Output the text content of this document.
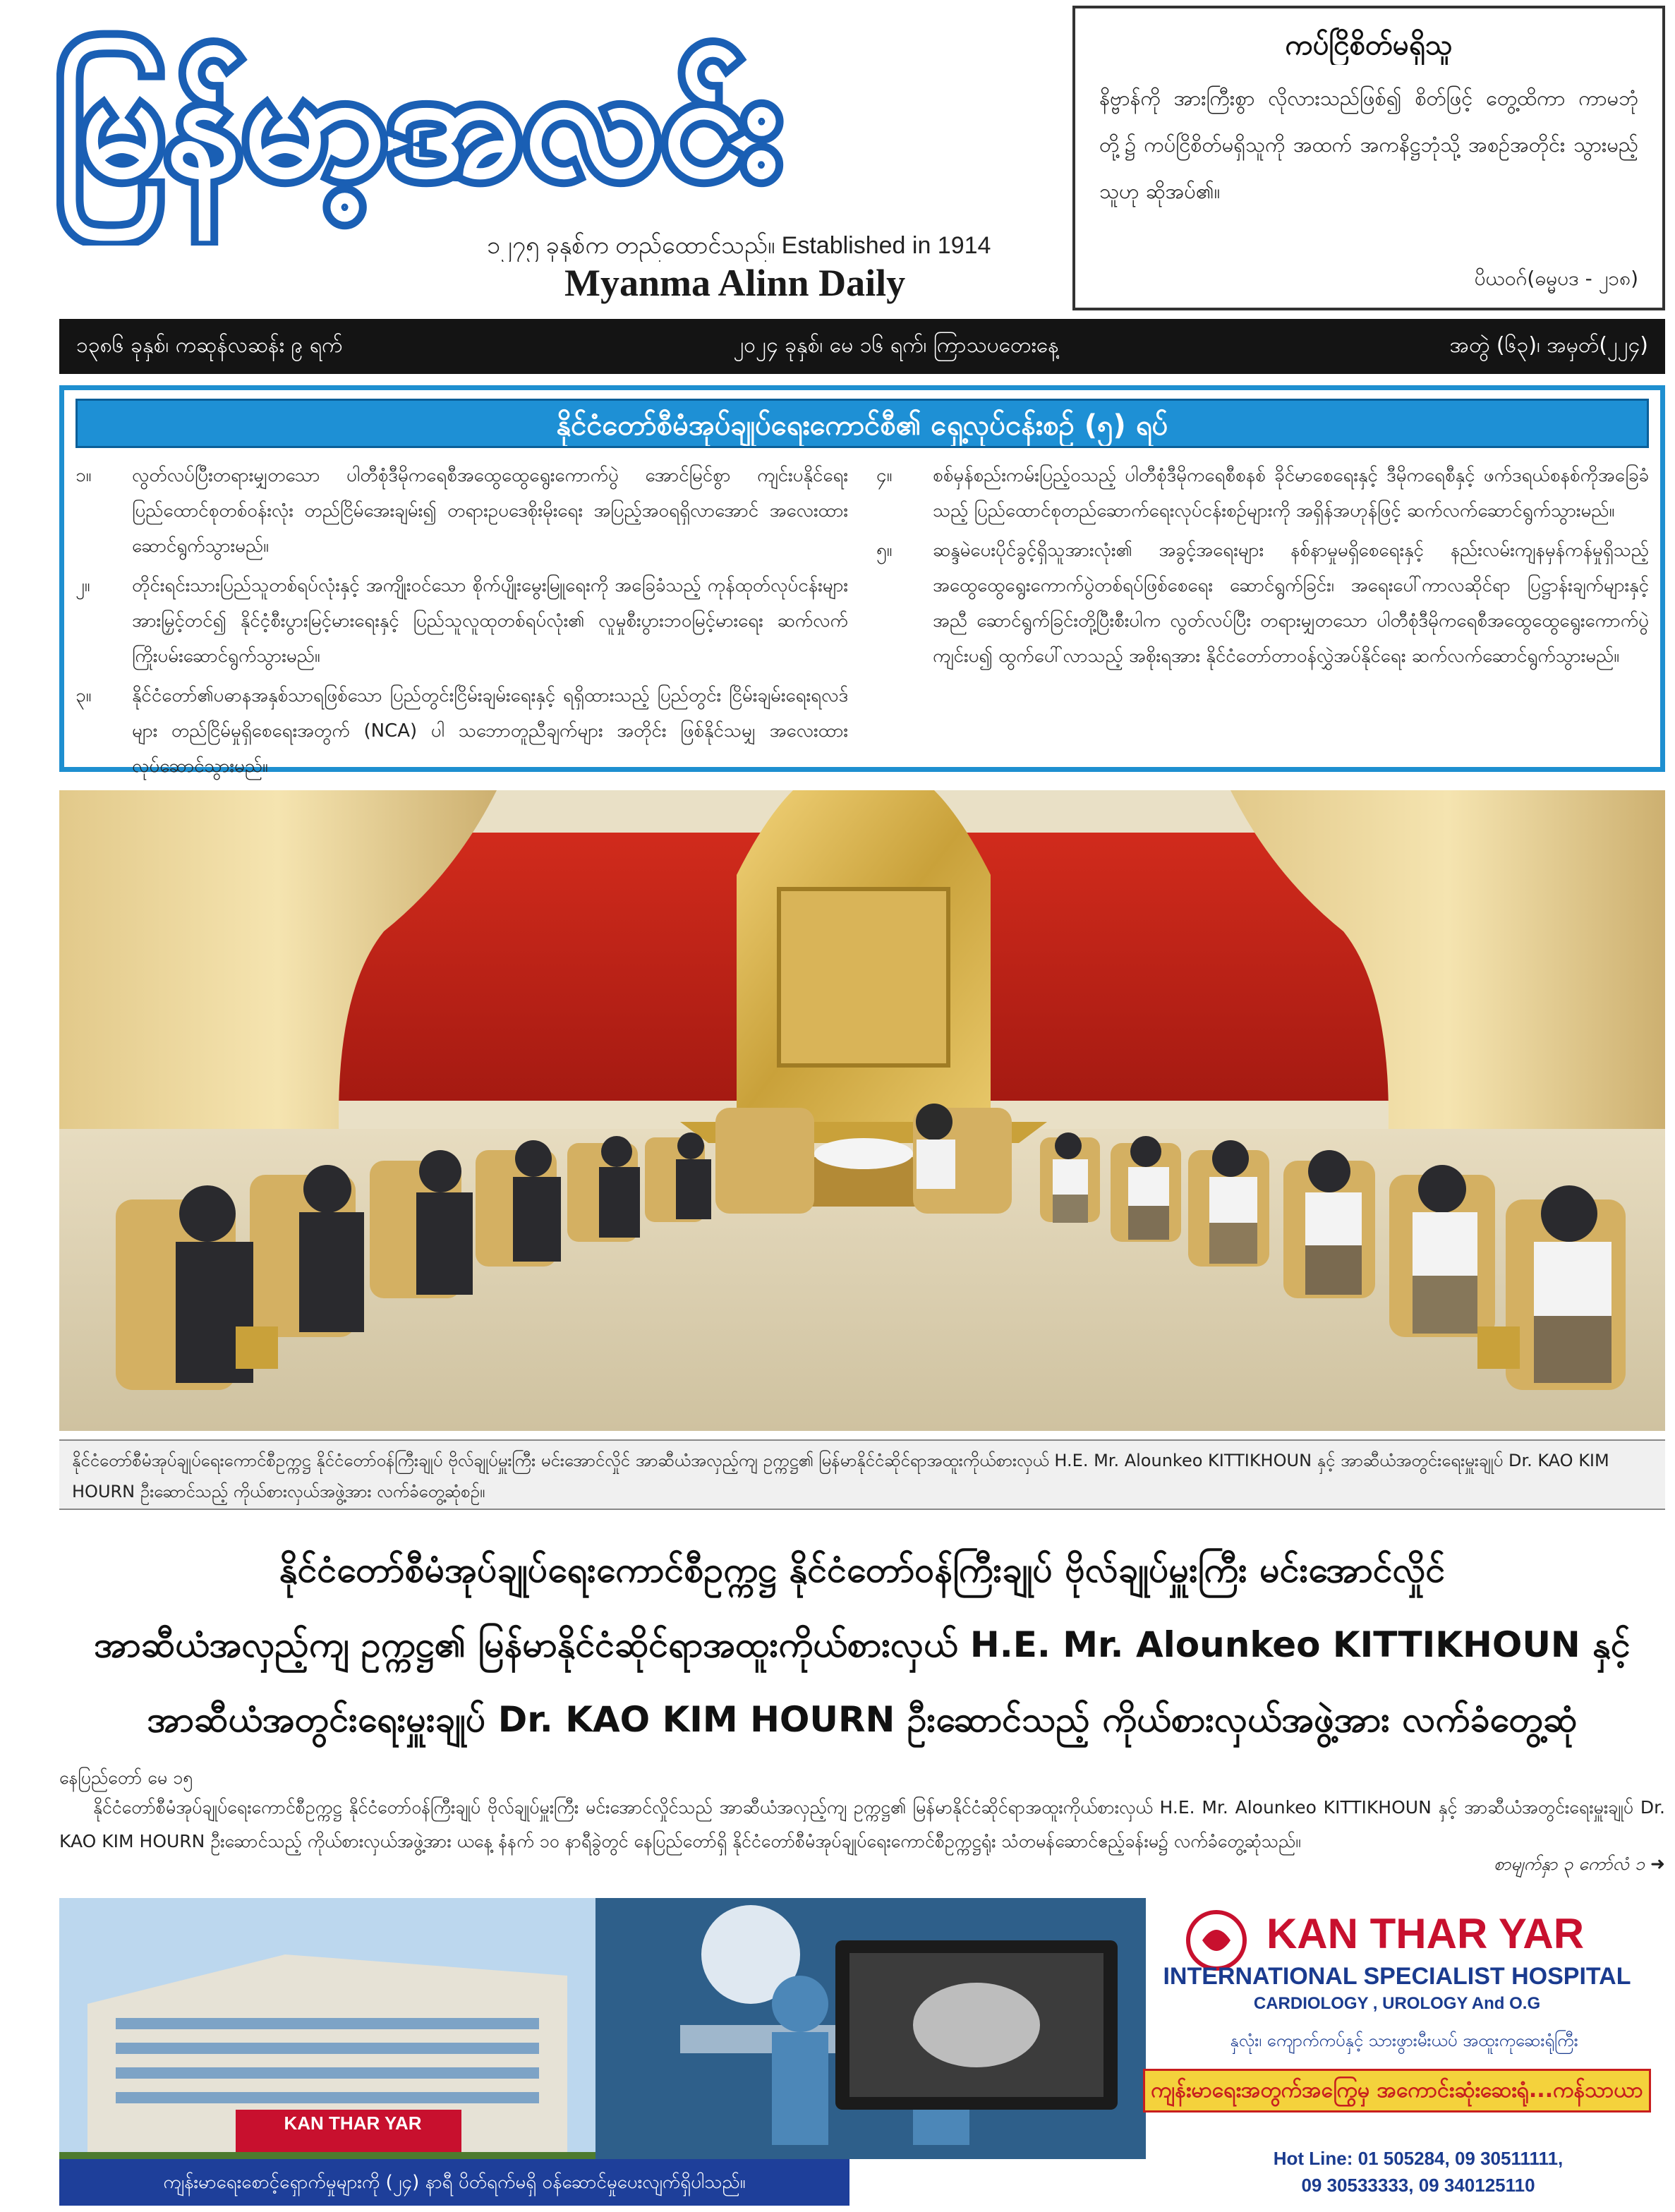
မြန်မာ့အလင်း
၁၂၇၅ ခုနှစ်က တည်ထောင်သည်။ Established in 1914
Myanma Alinn Daily
ကပ်ငြိစိတ်မရှိသူ
နိဗ္ဗာန်ကို အားကြီးစွာ လိုလားသည်ဖြစ်၍ စိတ်ဖြင့် တွေ့ထိကာ ကာမဘုံတို့၌ ကပ်ငြိစိတ်မရှိသူကို အထက် အကနိဋ္ဌဘုံသို့ အစဉ်အတိုင်း သွားမည့်သူဟု ဆိုအပ်၏။
ပိယဝဂ်(ဓမ္မပဒ - ၂၁၈)
၁၃၈၆ ခုနှစ်၊ ကဆုန်လဆန်း ၉ ရက်	၂၀၂၄ ခုနှစ်၊ မေ ၁၆ ရက်၊ ကြာသပတေးနေ့	အတွဲ (၆၃)၊ အမှတ်(၂၂၄)
နိုင်ငံတော်စီမံအုပ်ချုပ်ရေးကောင်စီ၏ ရှေ့လုပ်ငန်းစဉ် (၅) ရပ်
၁။	လွတ်လပ်ပြီးတရားမျှတသော ပါတီစုံဒီမိုကရေစီအထွေထွေရွေးကောက်ပွဲ အောင်မြင်စွာ ကျင်းပနိုင်ရေး ပြည်ထောင်စုတစ်ဝန်းလုံး တည်ငြိမ်အေးချမ်း၍ တရားဥပဒေစိုးမိုးရေး အပြည့်အဝရရှိလာအောင် အလေးထားဆောင်ရွက်သွားမည်။
၂။	တိုင်းရင်းသားပြည်သူတစ်ရပ်လုံးနှင့် အကျိုးဝင်သော စိုက်ပျိုးမွေးမြူရေးကို အခြေခံသည့် ကုန်ထုတ်လုပ်ငန်းများအားမြှင့်တင်၍ နိုင်ငံ့စီးပွားမြင့်မားရေးနှင့် ပြည်သူလူထုတစ်ရပ်လုံး၏ လူမှုစီးပွားဘဝမြင့်မားရေး ဆက်လက်ကြိုးပမ်းဆောင်ရွက်သွားမည်။
၃။	နိုင်ငံတော်၏ပဓာနအနှစ်သာရဖြစ်သော ပြည်တွင်းငြိမ်းချမ်းရေးနှင့် ရရှိထားသည့် ပြည်တွင်း ငြိမ်းချမ်းရေးရလဒ်များ တည်ငြိမ်မှုရှိစေရေးအတွက် (NCA) ပါ သဘောတူညီချက်များ အတိုင်း ဖြစ်နိုင်သမျှ အလေးထားလုပ်ဆောင်သွားမည်။
၄။	စစ်မှန်စည်းကမ်းပြည့်ဝသည့် ပါတီစုံဒီမိုကရေစီစနစ် ခိုင်မာစေရေးနှင့် ဒီမိုကရေစီနှင့် ဖက်ဒရယ်စနစ်ကိုအခြေခံသည့် ပြည်ထောင်စုတည်ဆောက်ရေးလုပ်ငန်းစဉ်များကို အရှိန်အဟုန်ဖြင့် ဆက်လက်ဆောင်ရွက်သွားမည်။
၅။	ဆန္ဒမဲပေးပိုင်ခွင့်ရှိသူအားလုံး၏ အခွင့်အရေးများ နစ်နာမှုမရှိစေရေးနှင့် နည်းလမ်းကျနမှန်ကန်မှုရှိသည့် အထွေထွေရွေးကောက်ပွဲတစ်ရပ်ဖြစ်စေရေး ဆောင်ရွက်ခြင်း၊ အရေးပေါ်ကာလဆိုင်ရာ ပြဋ္ဌာန်းချက်များနှင့်အညီ ဆောင်ရွက်ခြင်းတို့ပြီးစီးပါက လွတ်လပ်ပြီး တရားမျှတသော ပါတီစုံဒီမိုကရေစီအထွေထွေရွေးကောက်ပွဲ ကျင်းပ၍ ထွက်ပေါ်လာသည့် အစိုးရအား နိုင်ငံတော်တာဝန်လွှဲအပ်နိုင်ရေး ဆက်လက်ဆောင်ရွက်သွားမည်။
နိုင်ငံတော်စီမံအုပ်ချုပ်ရေးကောင်စီဥက္ကဋ္ဌ နိုင်ငံတော်ဝန်ကြီးချုပ် ဗိုလ်ချုပ်မှူးကြီး မင်းအောင်လှိုင် အာဆီယံအလှည့်ကျ ဥက္ကဋ္ဌ၏ မြန်မာနိုင်ငံဆိုင်ရာအထူးကိုယ်စားလှယ် H.E. Mr. Alounkeo KITTIKHOUN နှင့် အာဆီယံအတွင်းရေးမှူးချုပ် Dr. KAO KIM HOURN ဦးဆောင်သည့် ကိုယ်စားလှယ်အဖွဲ့အား လက်ခံတွေ့ဆုံစဉ်။
နိုင်ငံတော်စီမံအုပ်ချုပ်ရေးကောင်စီဥက္ကဋ္ဌ နိုင်ငံတော်ဝန်ကြီးချုပ် ဗိုလ်ချုပ်မှူးကြီး မင်းအောင်လှိုင်
အာဆီယံအလှည့်ကျ ဥက္ကဋ္ဌ၏ မြန်မာနိုင်ငံဆိုင်ရာအထူးကိုယ်စားလှယ် H.E. Mr. Alounkeo KITTIKHOUN နှင့်
အာဆီယံအတွင်းရေးမှူးချုပ် Dr. KAO KIM HOURN ဦးဆောင်သည့် ကိုယ်စားလှယ်အဖွဲ့အား လက်ခံတွေ့ဆုံ
နေပြည်တော် မေ ၁၅
နိုင်ငံတော်စီမံအုပ်ချုပ်ရေးကောင်စီဥက္ကဋ္ဌ နိုင်ငံတော်ဝန်ကြီးချုပ် ဗိုလ်ချုပ်မှူးကြီး မင်းအောင်လှိုင်သည် အာဆီယံအလှည့်ကျ ဥက္ကဋ္ဌ၏ မြန်မာနိုင်ငံဆိုင်ရာအထူးကိုယ်စားလှယ် H.E. Mr. Alounkeo KITTIKHOUN နှင့် အာဆီယံအတွင်းရေးမှူးချုပ် Dr. KAO KIM HOURN ဦးဆောင်သည့် ကိုယ်စားလှယ်အဖွဲ့အား ယနေ့ နံနက် ၁၀ နာရီခွဲတွင် နေပြည်တော်ရှိ နိုင်ငံတော်စီမံအုပ်ချုပ်ရေးကောင်စီဥက္ကဋ္ဌရုံး သံတမန်ဆောင်ဧည့်ခန်းမ၌ လက်ခံတွေ့ဆုံသည်။
စာမျက်နှာ ၃ ကော်လံ ၁ ➜
KAN THAR YAR
INTERNATIONAL SPECIALIST HOSPITAL
CARDIOLOGY , UROLOGY And O.G
နှလုံး၊ ကျောက်ကပ်နှင့် သားဖွားမီးယပ် အထူးကုဆေးရုံကြီး
ကျန်းမာရေးအတွက်အကြွေမှ အကောင်းဆုံးဆေးရုံ...ကန်သာယာ
KAN THAR YAR
ကျန်းမာရေးစောင့်ရှောက်မှုများကို (၂၄) နာရီ ပိတ်ရက်မရှိ ဝန်ဆောင်မှုပေးလျက်ရှိပါသည်။
Hot Line: 01 505284, 09 30511111,
09 30533333, 09 340125110
